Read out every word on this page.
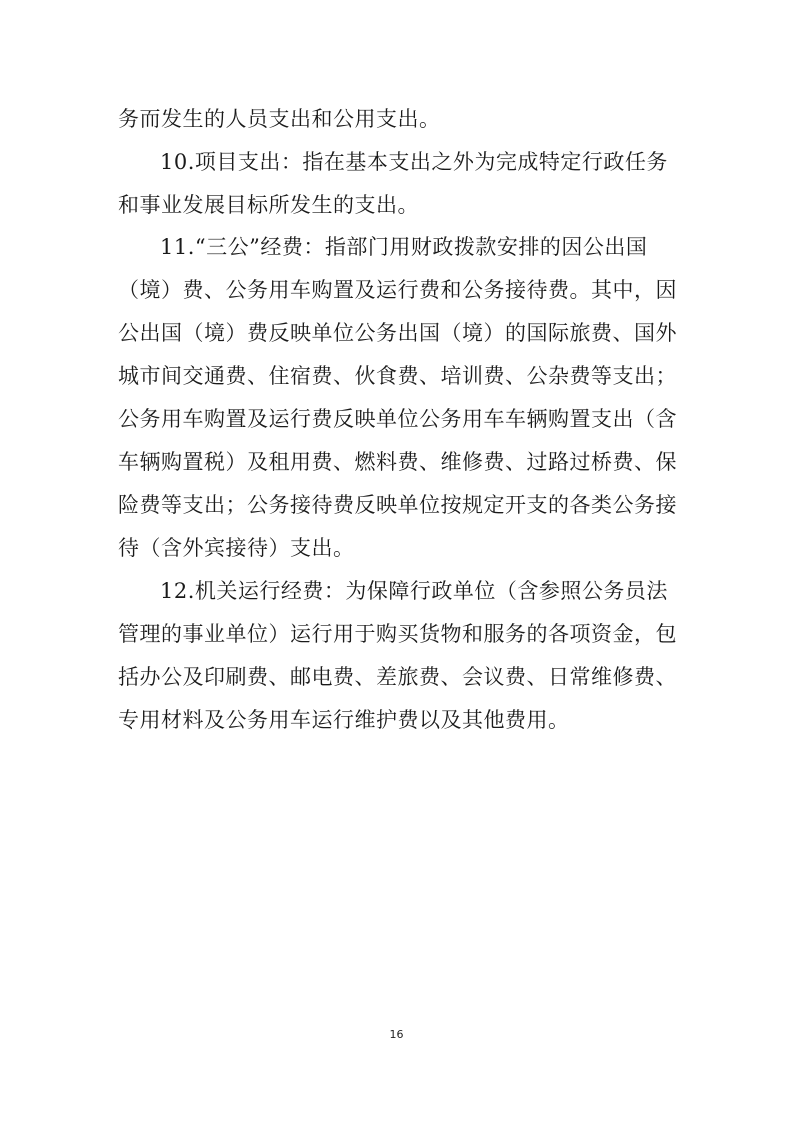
务而发生的人员支出和公用支出。
10.项目支出：指在基本支出之外为完成特定行政任务
和事业发展目标所发生的支出。
11.“三公”经费：指部门用财政拨款安排的因公出国
（境）费、公务用车购置及运行费和公务接待费。其中，因
公出国（境）费反映单位公务出国（境）的国际旅费、国外
城市间交通费、住宿费、伙食费、培训费、公杂费等支出；
公务用车购置及运行费反映单位公务用车车辆购置支出（含
车辆购置税）及租用费、燃料费、维修费、过路过桥费、保
险费等支出；公务接待费反映单位按规定开支的各类公务接
待（含外宾接待）支出。
12.机关运行经费：为保障行政单位（含参照公务员法
管理的事业单位）运行用于购买货物和服务的各项资金，包
括办公及印刷费、邮电费、差旅费、会议费、日常维修费、
专用材料及公务用车运行维护费以及其他费用。
16
